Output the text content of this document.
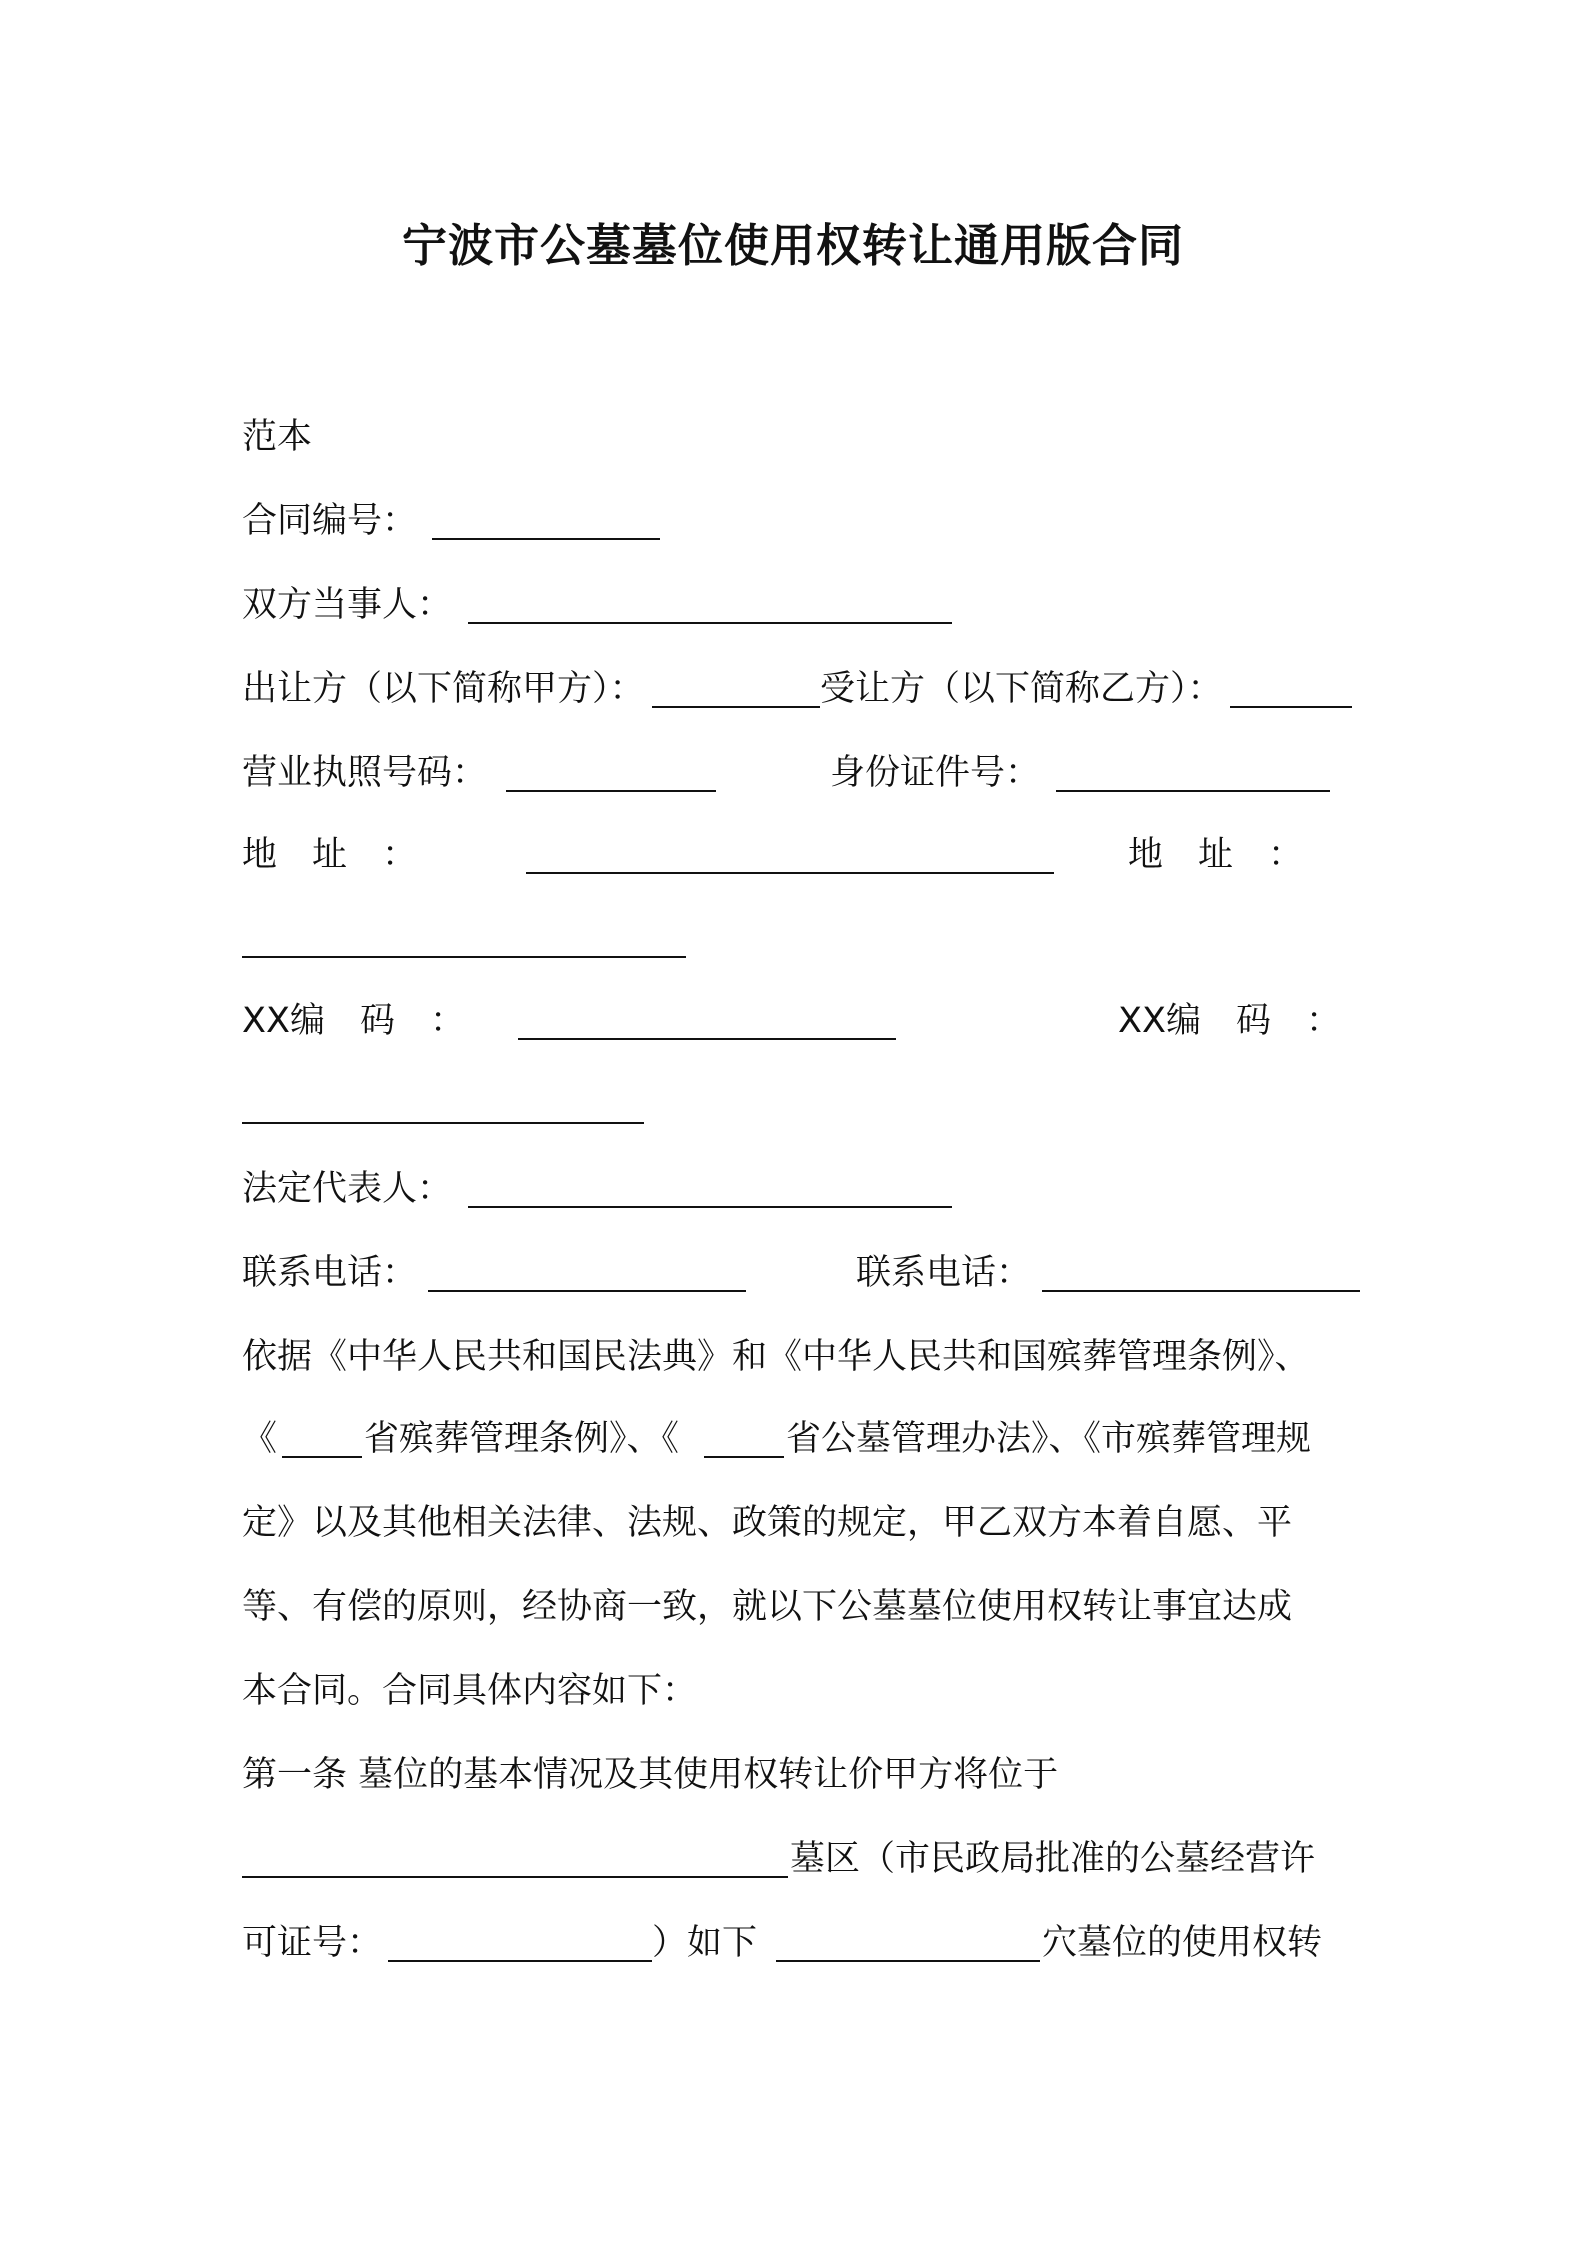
宁波市公墓墓位使用权转让通用版合同
范本
合同编号：
双方当事人：
出让方（以下简称甲方）：	受让方（以下简称乙方）：
营业执照号码：	身份证件号：
地　址　：	地　址　：
XX编　码　：	XX编　码　：
法定代表人：
联系电话：	联系电话：
依据《中华人民共和国民法典》和《中华人民共和国殡葬管理条例》、
《 省殡葬管理条例》、《	省公墓管理办法》、《市殡葬管理规
定》以及其他相关法律、法规、政策的规定，甲乙双方本着自愿、平
等、有偿的原则，经协商一致，就以下公墓墓位使用权转让事宜达成
本合同。合同具体内容如下：
第一条 墓位的基本情况及其使用权转让价甲方将位于
墓区（市民政局批准的公墓经营许
可证号：	）如下	穴墓位的使用权转
